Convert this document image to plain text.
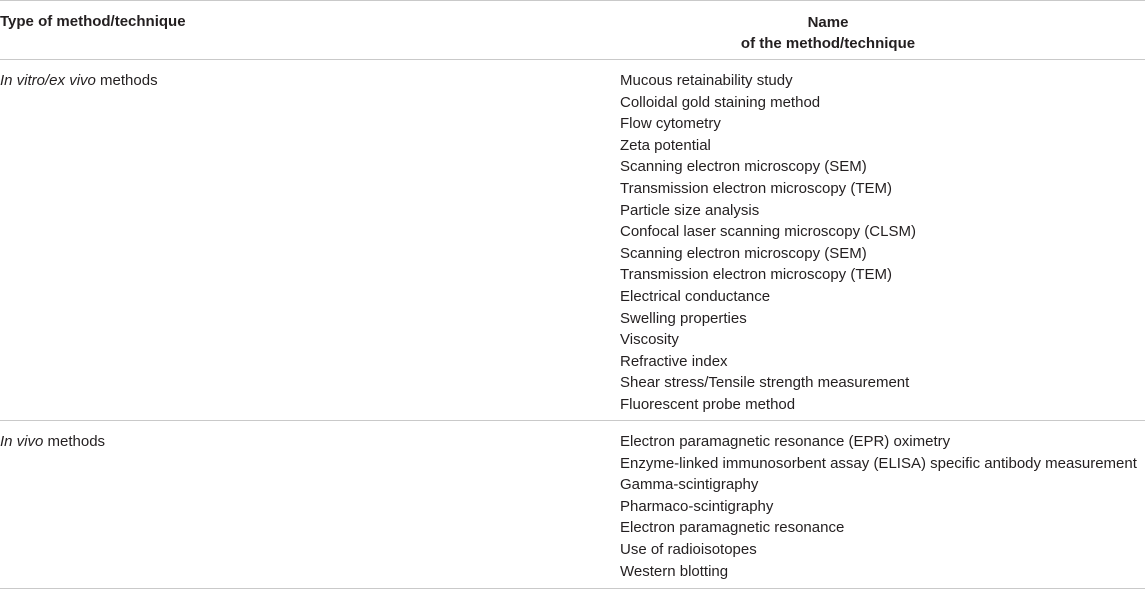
Type of method/technique	Name
of the method/technique
In vitro/ex vivo methods	Mucous retainability study
Colloidal gold staining method
Flow cytometry
Zeta potential
Scanning electron microscopy (SEM)
Transmission electron microscopy (TEM)
Particle size analysis
Confocal laser scanning microscopy (CLSM)
Scanning electron microscopy (SEM)
Transmission electron microscopy (TEM)
Electrical conductance
Swelling properties
Viscosity
Refractive index
Shear stress/Tensile strength measurement
Fluorescent probe method
In vivo methods	Electron paramagnetic resonance (EPR) oximetry
Enzyme-linked immunosorbent assay (ELISA) specific antibody measurement
Gamma-scintigraphy
Pharmaco-scintigraphy
Electron paramagnetic resonance
Use of radioisotopes
Western blotting
